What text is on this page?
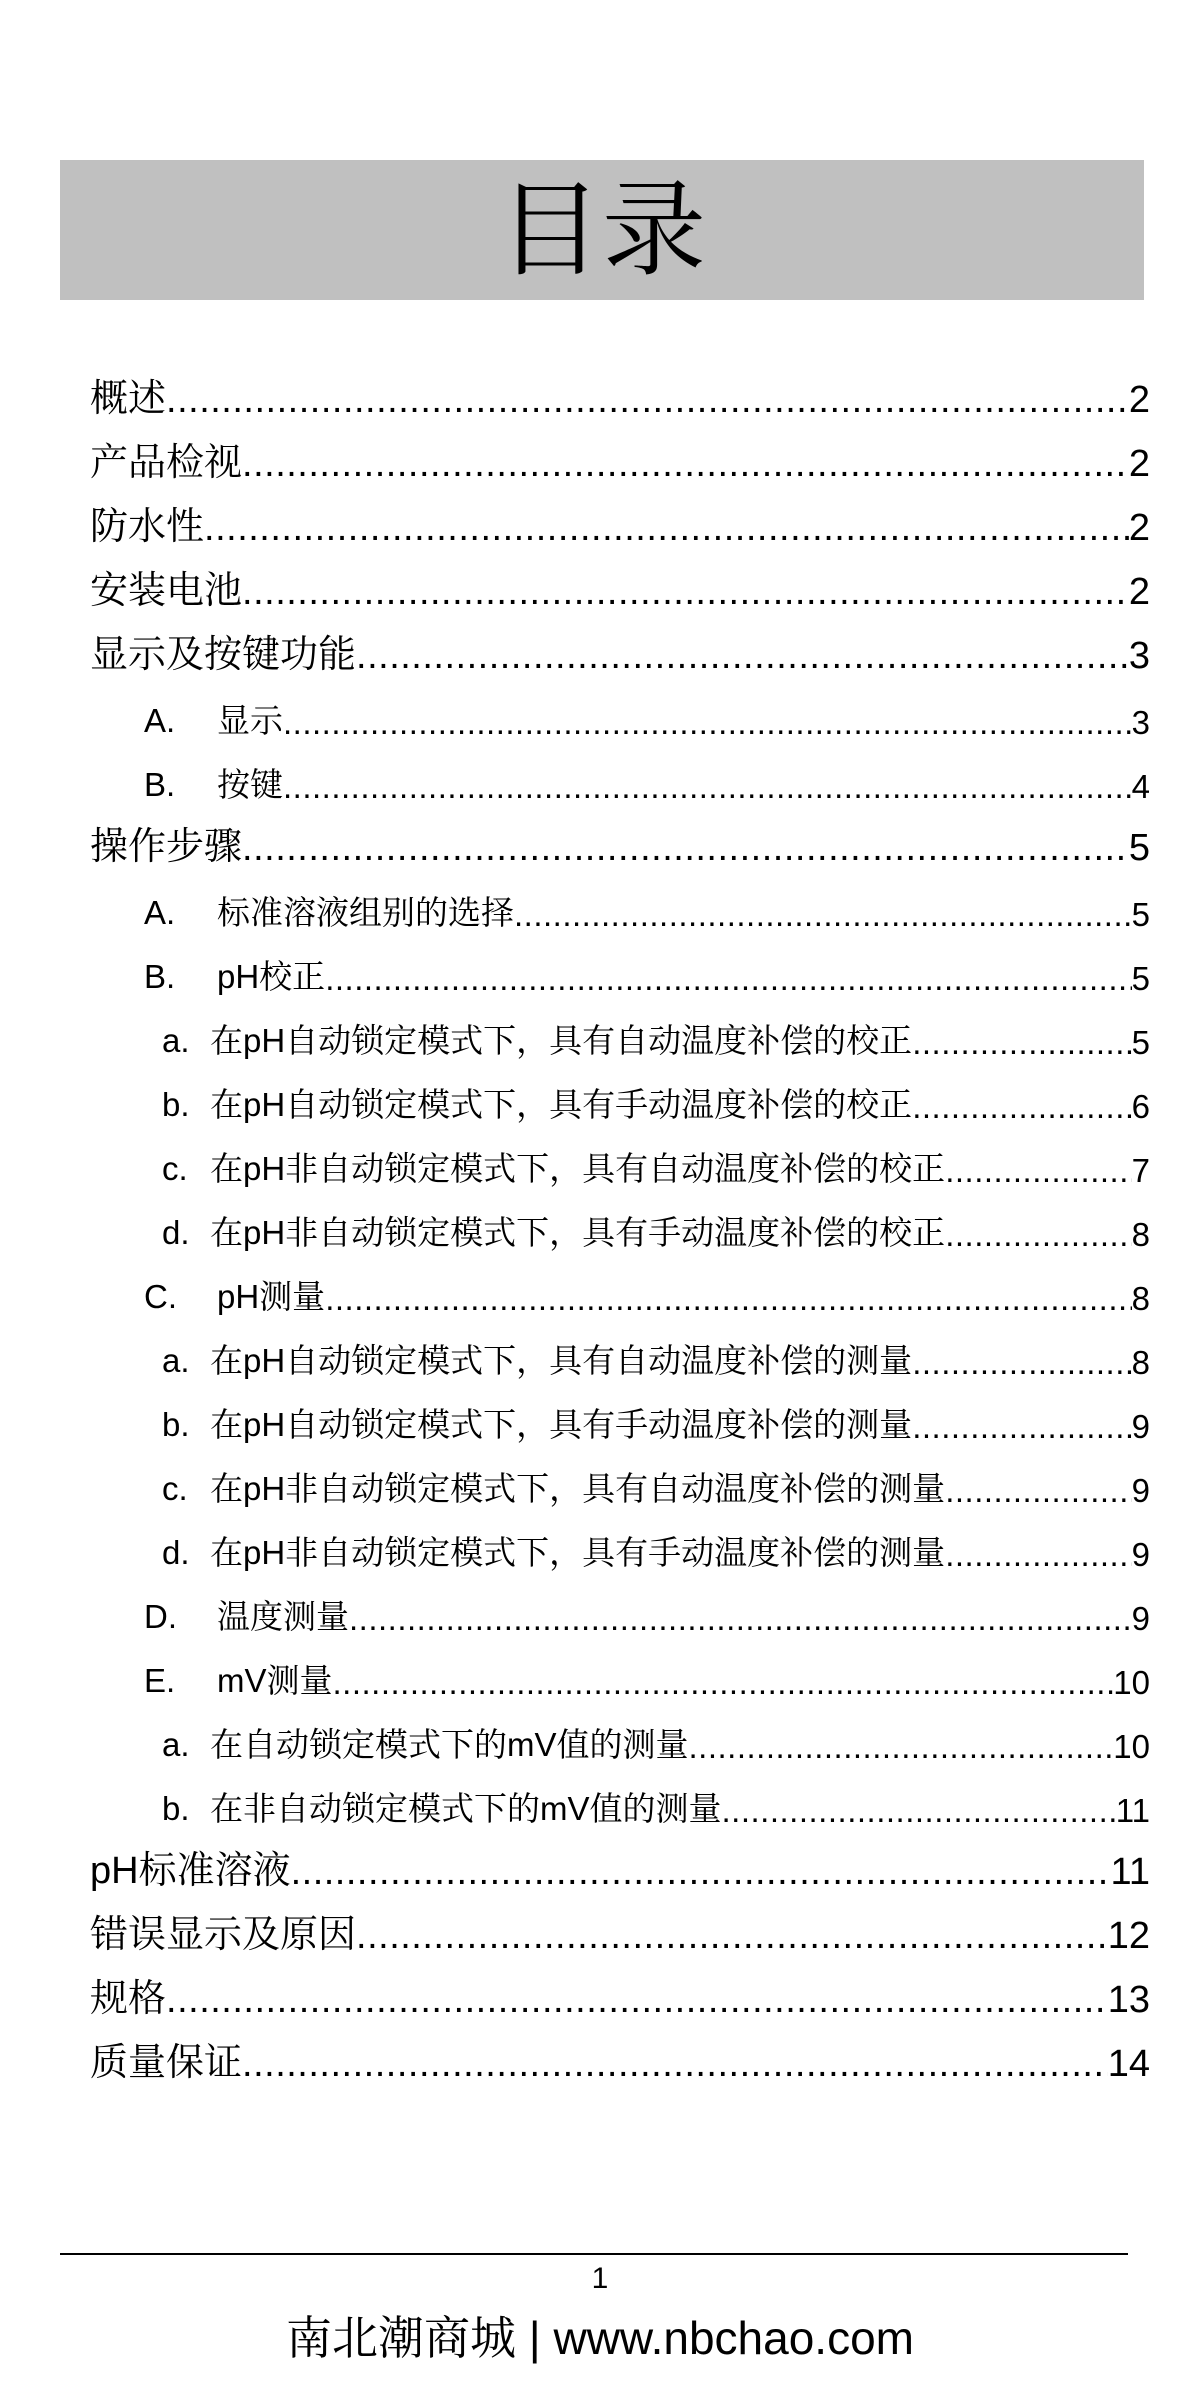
目录
概述 .....	2
产品检视 .....	2
防水性 .....	2
安装电池 .....	2
显示及按键功能 .....	3
A. 显示 .....	3
B. 按键 .....	4
操作步骤 .....	5
A. 标准溶液组别的选择 .....	5
B. pH校正 .....	5
a. 在pH自动锁定模式下，具有自动温度补偿的校正 .....	5
b. 在pH自动锁定模式下，具有手动温度补偿的校正 .....	6
c. 在pH非自动锁定模式下，具有自动温度补偿的校正 .....	7
d. 在pH非自动锁定模式下，具有手动温度补偿的校正 .....	8
C. pH测量 .....	8
a. 在pH自动锁定模式下，具有自动温度补偿的测量 .....	8
b. 在pH自动锁定模式下，具有手动温度补偿的测量 .....	9
c. 在pH非自动锁定模式下，具有自动温度补偿的测量 .....	9
d. 在pH非自动锁定模式下，具有手动温度补偿的测量 .....	9
D. 温度测量 .....	9
E. mV测量 .....	10
a. 在自动锁定模式下的mV值的测量 .....	10
b. 在非自动锁定模式下的mV值的测量 .....	11
pH标准溶液 .....	11
错误显示及原因 .....	12
规格 .....	13
质量保证 .....	14
1
南北潮商城 | www.nbchao.com
